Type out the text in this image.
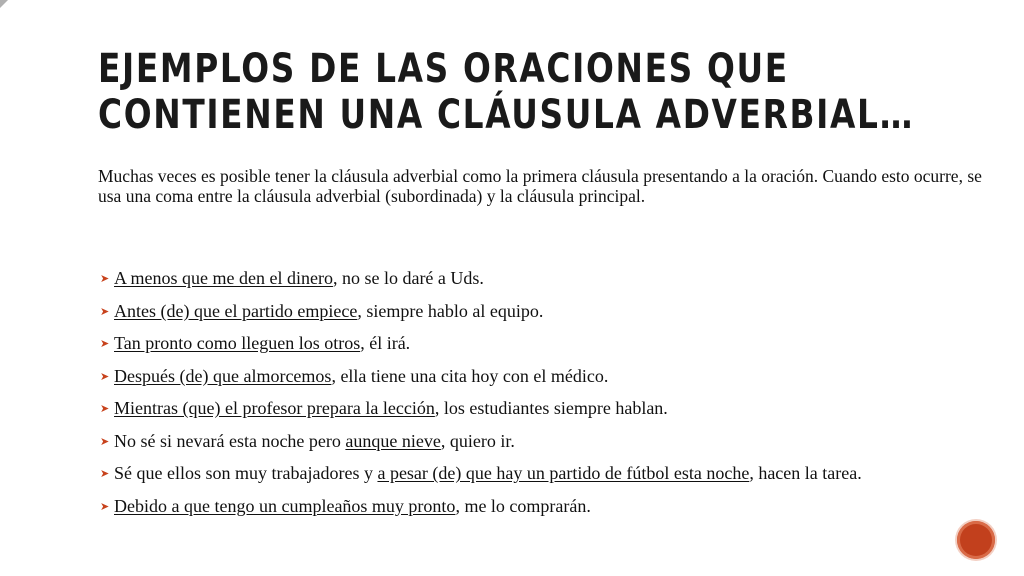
EJEMPLOS DE LAS ORACIONES QUE
CONTIENEN UNA CLÁUSULA ADVERBIAL…

Muchas veces es posible tener la cláusula adverbial como la primera cláusula presentando a la oración. Cuando esto ocurre, se usa una coma entre la cláusula adverbial (subordinada) y la cláusula principal.

➤ A menos que me den el dinero, no se lo daré a Uds.
➤ Antes (de) que el partido empiece, siempre hablo al equipo.
➤ Tan pronto como lleguen los otros, él irá.
➤ Después (de) que almorcemos, ella tiene una cita hoy con el médico.
➤ Mientras (que) el profesor prepara la lección, los estudiantes siempre hablan.
➤ No sé si nevará esta noche pero aunque nieve, quiero ir.
➤ Sé que ellos son muy trabajadores y a pesar (de) que hay un partido de fútbol esta noche, hacen la tarea.
➤ Debido a que tengo un cumpleaños muy pronto, me lo comprarán.
